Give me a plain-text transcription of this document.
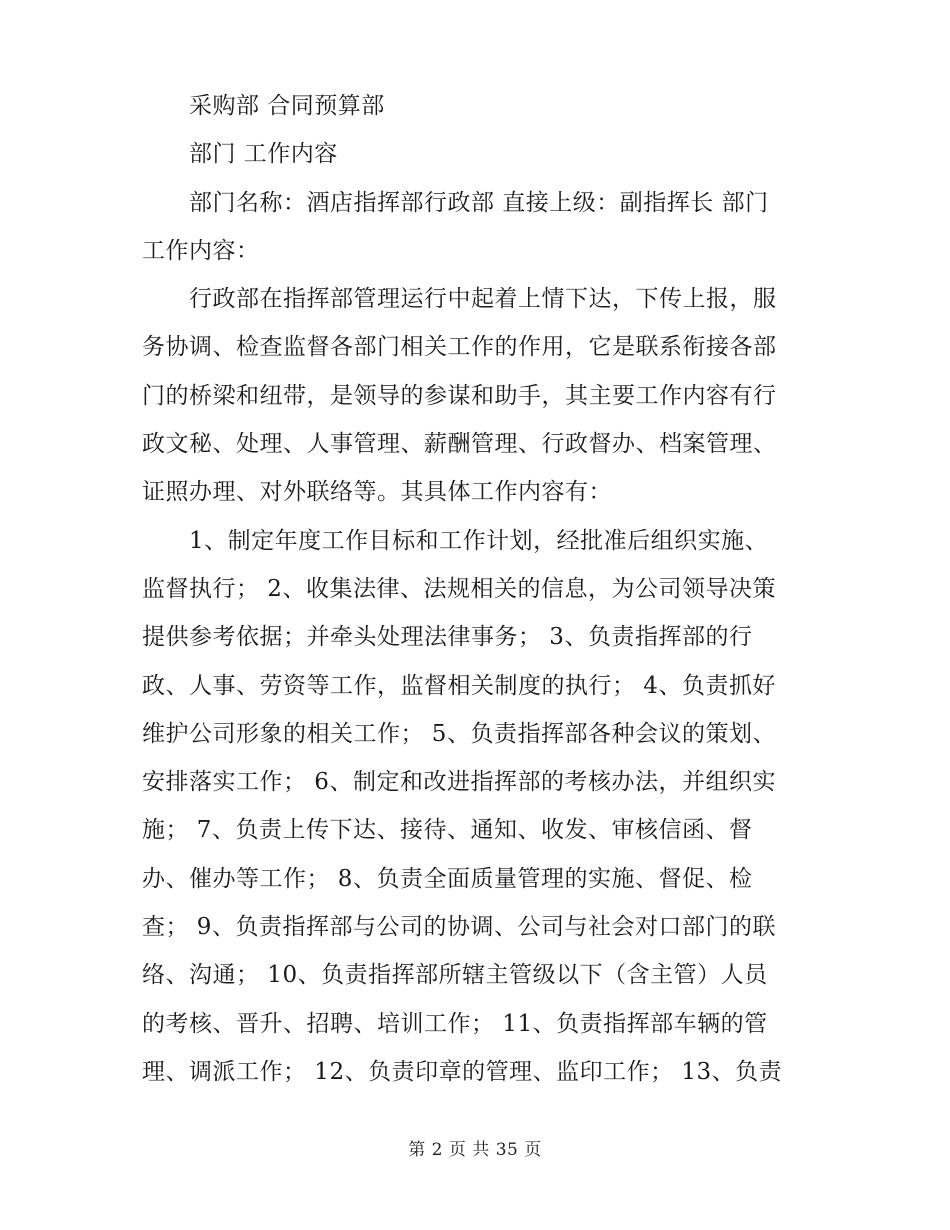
采购部 合同预算部
部门 工作内容
部门名称：酒店指挥部行政部 直接上级：副指挥长 部门
工作内容：
行政部在指挥部管理运行中起着上情下达，下传上报，服
务协调、检查监督各部门相关工作的作用，它是联系衔接各部
门的桥梁和纽带，是领导的参谋和助手，其主要工作内容有行
政文秘、处理、人事管理、薪酬管理、行政督办、档案管理、
证照办理、对外联络等。其具体工作内容有：
1、制定年度工作目标和工作计划，经批准后组织实施、
监督执行； 2、收集法律、法规相关的信息，为公司领导决策
提供参考依据；并牵头处理法律事务； 3、负责指挥部的行
政、人事、劳资等工作，监督相关制度的执行； 4、负责抓好
维护公司形象的相关工作； 5、负责指挥部各种会议的策划、
安排落实工作； 6、制定和改进指挥部的考核办法，并组织实
施； 7、负责上传下达、接待、通知、收发、审核信函、督
办、催办等工作； 8、负责全面质量管理的实施、督促、检
查； 9、负责指挥部与公司的协调、公司与社会对口部门的联
络、沟通； 10、负责指挥部所辖主管级以下（含主管）人员
的考核、晋升、招聘、培训工作； 11、负责指挥部车辆的管
理、调派工作； 12、负责印章的管理、监印工作； 13、负责
第 2 页 共 35 页
